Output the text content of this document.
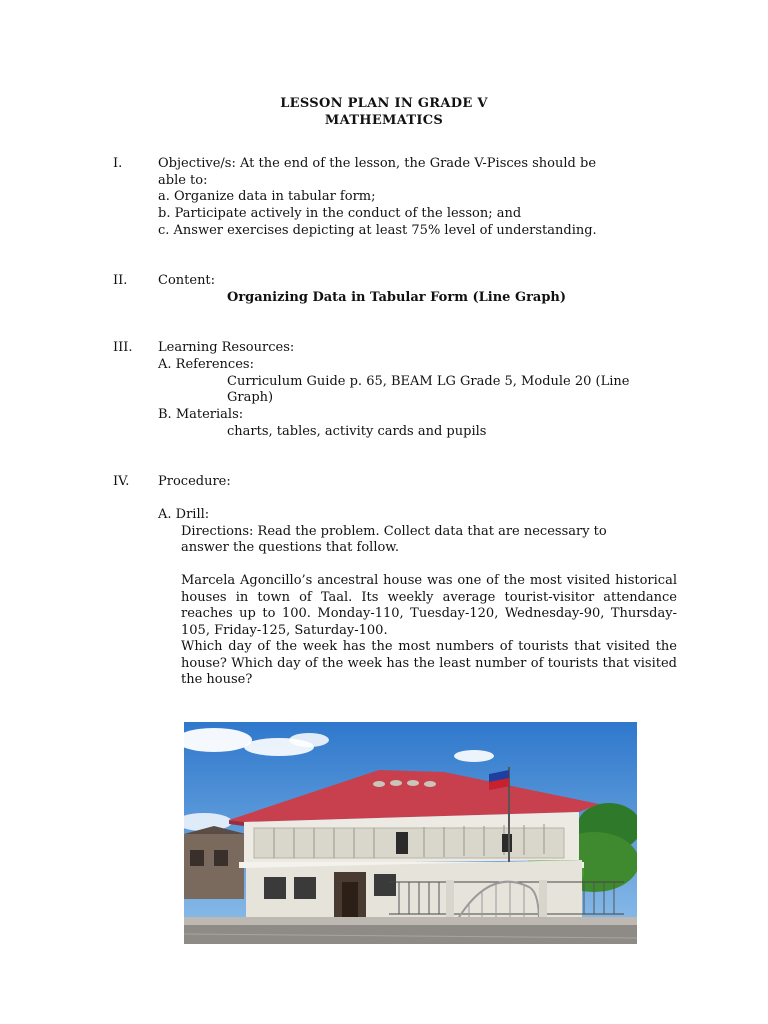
LESSON PLAN IN GRADE V
MATHEMATICS
I.	Objective/s: At the end of the lesson, the Grade V-Pisces should be
able to:
a. Organize data in tabular form;
b. Participate actively in the conduct of the lesson; and
c. Answer exercises depicting at least 75% level of understanding.
II. Content:
Organizing Data in Tabular Form (Line Graph)
III. Learning Resources:
A. References:
Curriculum Guide p. 65, BEAM LG Grade 5, Module 20 (Line
Graph)
B. Materials:
charts, tables, activity cards and pupils
IV. Procedure:
A. Drill:
Directions: Read the problem. Collect data that are necessary to
answer the questions that follow.
Marcela Agoncillo’s ancestral house was one of the most visited historical houses in town of Taal. Its weekly average tourist-visitor attendance reaches up to 100. Monday-110, Tuesday-120, Wednesday-90, Thursday-105, Friday-125, Saturday-100.
Which day of the week has the most numbers of tourists that visited the house? Which day of the week has the least number of tourists that visited the house?
